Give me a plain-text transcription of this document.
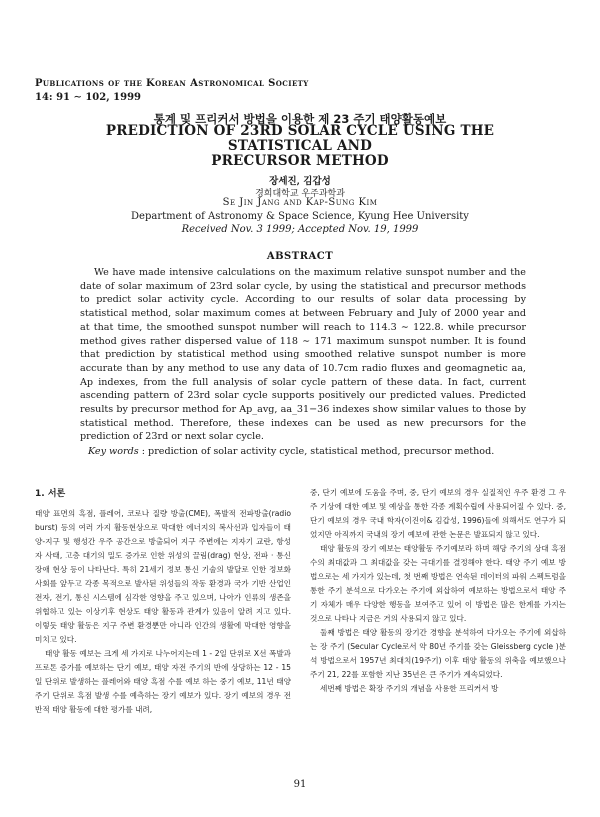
Publications of the Korean Astronomical Society
14: 91 ∼ 102, 1999
통계 및 프리커서 방법을 이용한 제 23 주기 태양활동예보
PREDICTION OF 23RD SOLAR CYCLE USING THE STATISTICAL AND
PRECURSOR METHOD
장세진, 김갑성
경희대학교 우주과학과
Se Jin Jang and Kap-Sung Kim
Department of Astronomy & Space Science, Kyung Hee University
Received Nov. 3 1999; Accepted Nov. 19, 1999
ABSTRACT

We have made intensive calculations on the maximum relative sunspot number and the date of solar maximum of 23rd solar cycle, by using the statistical and precursor methods to predict solar activity cycle. According to our results of solar data processing by statistical method, solar maximum comes at between February and July of 2000 year and at that time, the smoothed sunspot number will reach to 114.3 ∼ 122.8. while precursor method gives rather dispersed value of 118 ∼ 171 maximum sunspot number. It is found that prediction by statistical method using smoothed relative sunspot number is more accurate than by any method to use any data of 10.7cm radio fluxes and geomagnetic aa, Ap indexes, from the full analysis of solar cycle pattern of these data. In fact, current ascending pattern of 23rd solar cycle supports positively our predicted values. Predicted results by precursor method for Ap_avg, aa_31−36 indexes show similar values to those by statistical method. Therefore, these indexes can be used as new precursors for the prediction of 23rd or next solar cycle.

Key words : prediction of solar activity cycle, statistical method, precursor method.
1. 서론

태양 표면의 흑점, 플레어, 코로나 질량 방출(CME), 폭발적 전파방출(radio burst) 등의 여러 가지 활동현상으로 막대한 에너지의 복사선과 입자들이 태양-지구 및 행성간 우주 공간으로 방출되어 지구 주변에는 지자기 교란, 항성자 사태, 고층 대기의 밀도 증가로 인한 위성의 끌림(drag) 현상, 전파 · 통신장애 현상 등이 나타난다. 특히 21세기 정보 통신 기술의 발달로 인한 정보화 사회를 앞두고 각종 목적으로 발사된 위성들의 작동 환경과 국가 기반 산업인 전자, 전기, 통신 시스템에 심각한 영향을 주고 있으며, 나아가 인류의 생존을 위협하고 있는 이상기후 현상도 태양 활동과 관계가 있음이 알려 지고 있다. 이렇듯 태양 활동은 지구 주변 환경뿐만 아니라 인간의 생활에 막대한 영향을 미치고 있다.

태양 활동 예보는 크게 세 가지로 나누어지는데 1 - 2일 단위로 X선 폭발과 프로톤 증가를 예보하는 단기 예보, 태양 자전 주기의 반에 상당하는 12 - 15일 단위로 발생하는 플레어와 태양 흑점 수를 예보 하는 중기 예보, 11년 태양 주기 단위로 흑점 발생 수를 예측하는 장기 예보가 있다. 장기 예보의 경우 전반적 태양 활동에 대한 평가를 내려,

중, 단기 예보에 도움을 주며, 중, 단기 예보의 경우 실질적인 우주 환경 그 우주 기상에 대한 예보 및 예상을 통한 각종 계획수립에 사용되어질 수 있다. 중, 단기 예보의 경우 국내 학자(이진이& 김갑성, 1996)들에 의해서도 연구가 되었지만 아직까지 국내의 장기 예보에 관한 논문은 발표되지 않고 있다.

태양 활동의 장기 예보는 태양활동 주기예보라 하며 해당 주기의 상대 흑점 수의 최대값과 그 최대값을 갖는 극대기를 결정해야 한다. 태양 주기 예보 방법으로는 세 가지가 있는데, 첫 번째 방법은 연속된 데이터의 파워 스펙트럼을 통한 주기 분석으로 다가오는 주기에 외삽하여 예보하는 방법으로서 태양 주기 자체가 매우 다양한 행동을 보여주고 있어 이 방법은 많은 한계를 가지는 것으로 나타나 지금은 거의 사용되지 않고 있다.

둘째 방법은 태양 활동의 장기간 경향을 분석하여 다가오는 주기에 외삽하는 장 주기 (Secular Cycle로서 약 80년 주기를 갖는 Gleissberg cycle )분석 방법으로서 1957년 최대치(19주기) 이후 태양 활동의 위축을 예보했으나 주기 21, 22를 포함한 지난 35년은 큰 주기가 계속되었다.

세번째 방법은 확장 주기의 개념을 사용한 프리커서 방

91
